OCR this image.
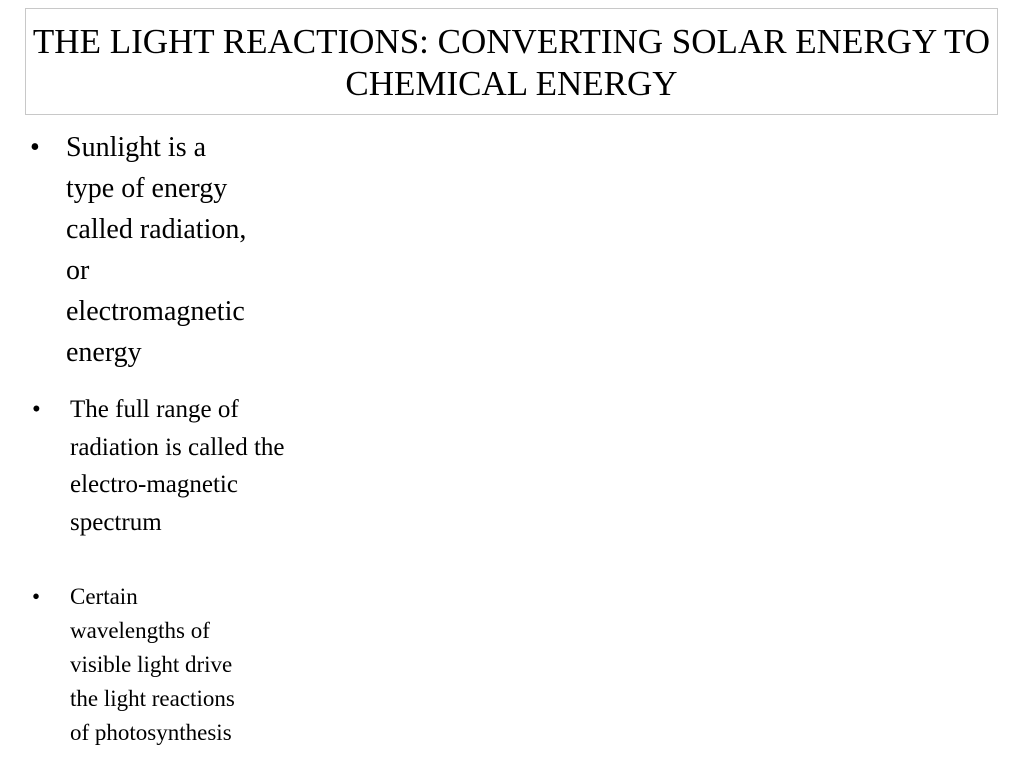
THE LIGHT REACTIONS: CONVERTING SOLAR ENERGY TO CHEMICAL ENERGY
• Sunlight is a
type of energy
called radiation,
or
electromagnetic
energy
•	The full range of
radiation is called the
electro-magnetic
spectrum
•	Certain
wavelengths of
visible light drive
the light reactions
of photosynthesis
